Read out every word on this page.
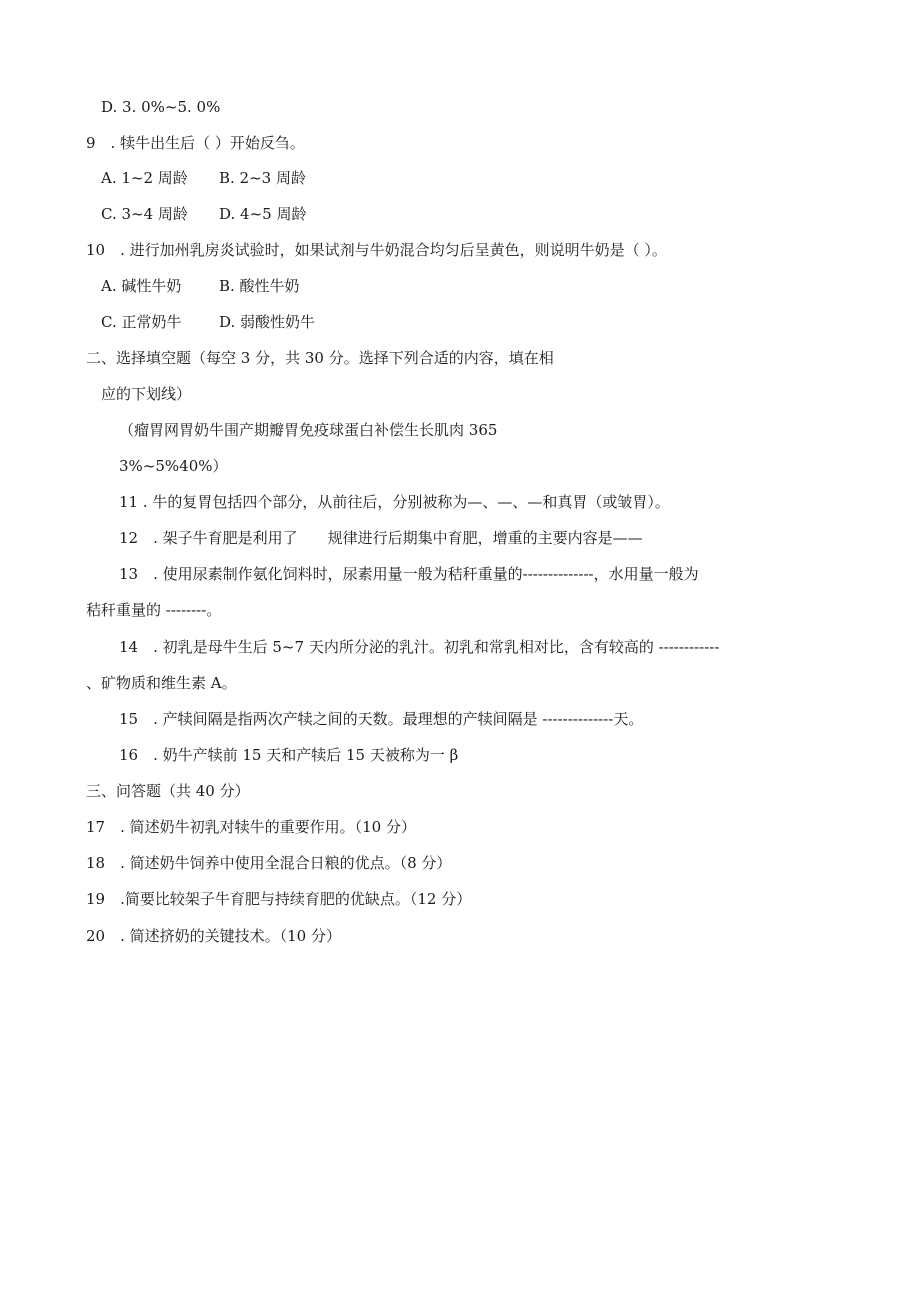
D. 3. 0%~5. 0%
9　. 犊牛出生后（ ）开始反刍。
A. 1~2 周龄 B. 2~3 周龄
C. 3~4 周龄 D. 4~5 周龄
10　. 进行加州乳房炎试验时，如果试剂与牛奶混合均匀后呈黄色，则说明牛奶是（ ）。
A. 碱性牛奶	B. 酸性牛奶
C. 正常奶牛	D. 弱酸性奶牛
二、选择填空题（每空 3 分，共 30 分。选择下列合适的内容，填在相
应的下划线）
（瘤胃网胃奶牛围产期瓣胃免疫球蛋白补偿生长肌肉 365
3%~5%40%）
11 . 牛的复胃包括四个部分，从前往后，分别被称为—、—、—和真胃（或皱胃）。
12　. 架子牛育肥是利用了　　规律进行后期集中育肥，增重的主要内容是——
13　. 使用尿素制作氨化饲料时，尿素用量一般为秸秆重量的--------------，水用量一般为
秸秆重量的 --------。
14　. 初乳是母牛生后 5~7 天内所分泌的乳汁。初乳和常乳相对比，含有较高的 ------------
、矿物质和维生素 A。
15　. 产犊间隔是指两次产犊之间的天数。最理想的产犊间隔是 --------------天。
16　. 奶牛产犊前 15 天和产犊后 15 天被称为一 β
三、问答题（共 40 分）
17　. 简述奶牛初乳对犊牛的重要作用。（10 分）
18　. 简述奶牛饲养中使用全混合日粮的优点。（8 分）
19　.简要比较架子牛育肥与持续育肥的优缺点。（12 分）
20　. 简述挤奶的关键技术。（10 分）
